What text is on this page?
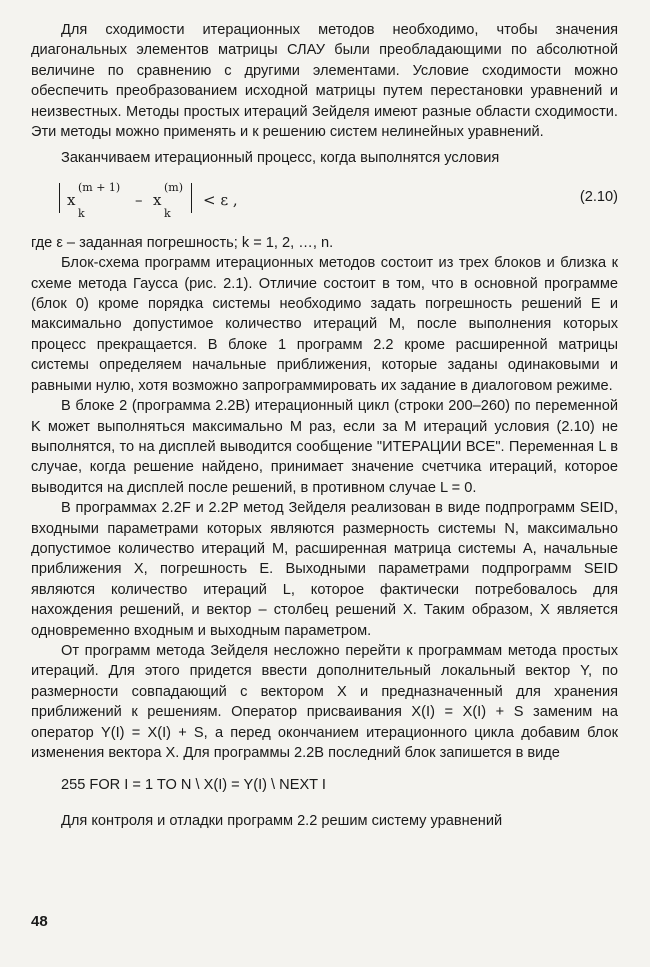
Для сходимости итерационных методов необходимо, чтобы значения диагональных элементов матрицы СЛАУ были преобладающими по абсолютной величине по сравнению с другими элементами. Условие сходимости можно обеспечить преобразованием исходной матрицы путем перестановки уравнений и неизвестных. Методы простых итераций Зейделя имеют разные области сходимости. Эти методы можно применять и к решению систем нелинейных уравнений.

Заканчиваем итерационный процесс, когда выполнятся условия

x
(m + 1)
k
– x
(m)
k
< ε ,	(2.10)

где ε – заданная погрешность; k = 1, 2, …, n.

Блок-схема программ итерационных методов состоит из трех блоков и близка к схеме метода Гаусса (рис. 2.1). Отличие состоит в том, что в основной программе (блок 0) кроме порядка системы необходимо задать погрешность решений E и максимально допустимое количество итераций M, после выполнения которых процесс прекращается. В блоке 1 программ 2.2 кроме расширенной матрицы системы определяем начальные приближения, которые заданы одинаковыми и равными нулю, хотя возможно запрограммировать их задание в диалоговом режиме.

В блоке 2 (программа 2.2B) итерационный цикл (строки 200–260) по переменной K может выполняться максимально M раз, если за M итераций условия (2.10) не выполнятся, то на дисплей выводится сообщение "ИТЕРАЦИИ ВСЕ". Переменная L в случае, когда решение найдено, принимает значение счетчика итераций, которое выводится на дисплей после решений, в противном случае L = 0.

В программах 2.2F и 2.2P метод Зейделя реализован в виде подпрограмм SEID, входными параметрами которых являются размерность системы N, максимально допустимое количество итераций M, расширенная матрица системы A, начальные приближения X, погрешность E. Выходными параметрами подпрограмм SEID являются количество итераций L, которое фактически потребовалось для нахождения решений, и вектор – столбец решений X. Таким образом, X является одновременно входным и выходным параметром.

От программ метода Зейделя несложно перейти к программам метода простых итераций. Для этого придется ввести дополнительный локальный вектор Y, по размерности совпадающий с вектором X и предназначенный для хранения приближений к решениям. Оператор присваивания X(I) = X(I) + S заменим на оператор Y(I) = X(I) + S, а перед окончанием итерационного цикла добавим блок изменения вектора X. Для программы 2.2B последний блок запишется в виде

255 FOR I = 1 TO N \ X(I) = Y(I) \ NEXT I

Для контроля и отладки программ 2.2 решим систему уравнений

48
